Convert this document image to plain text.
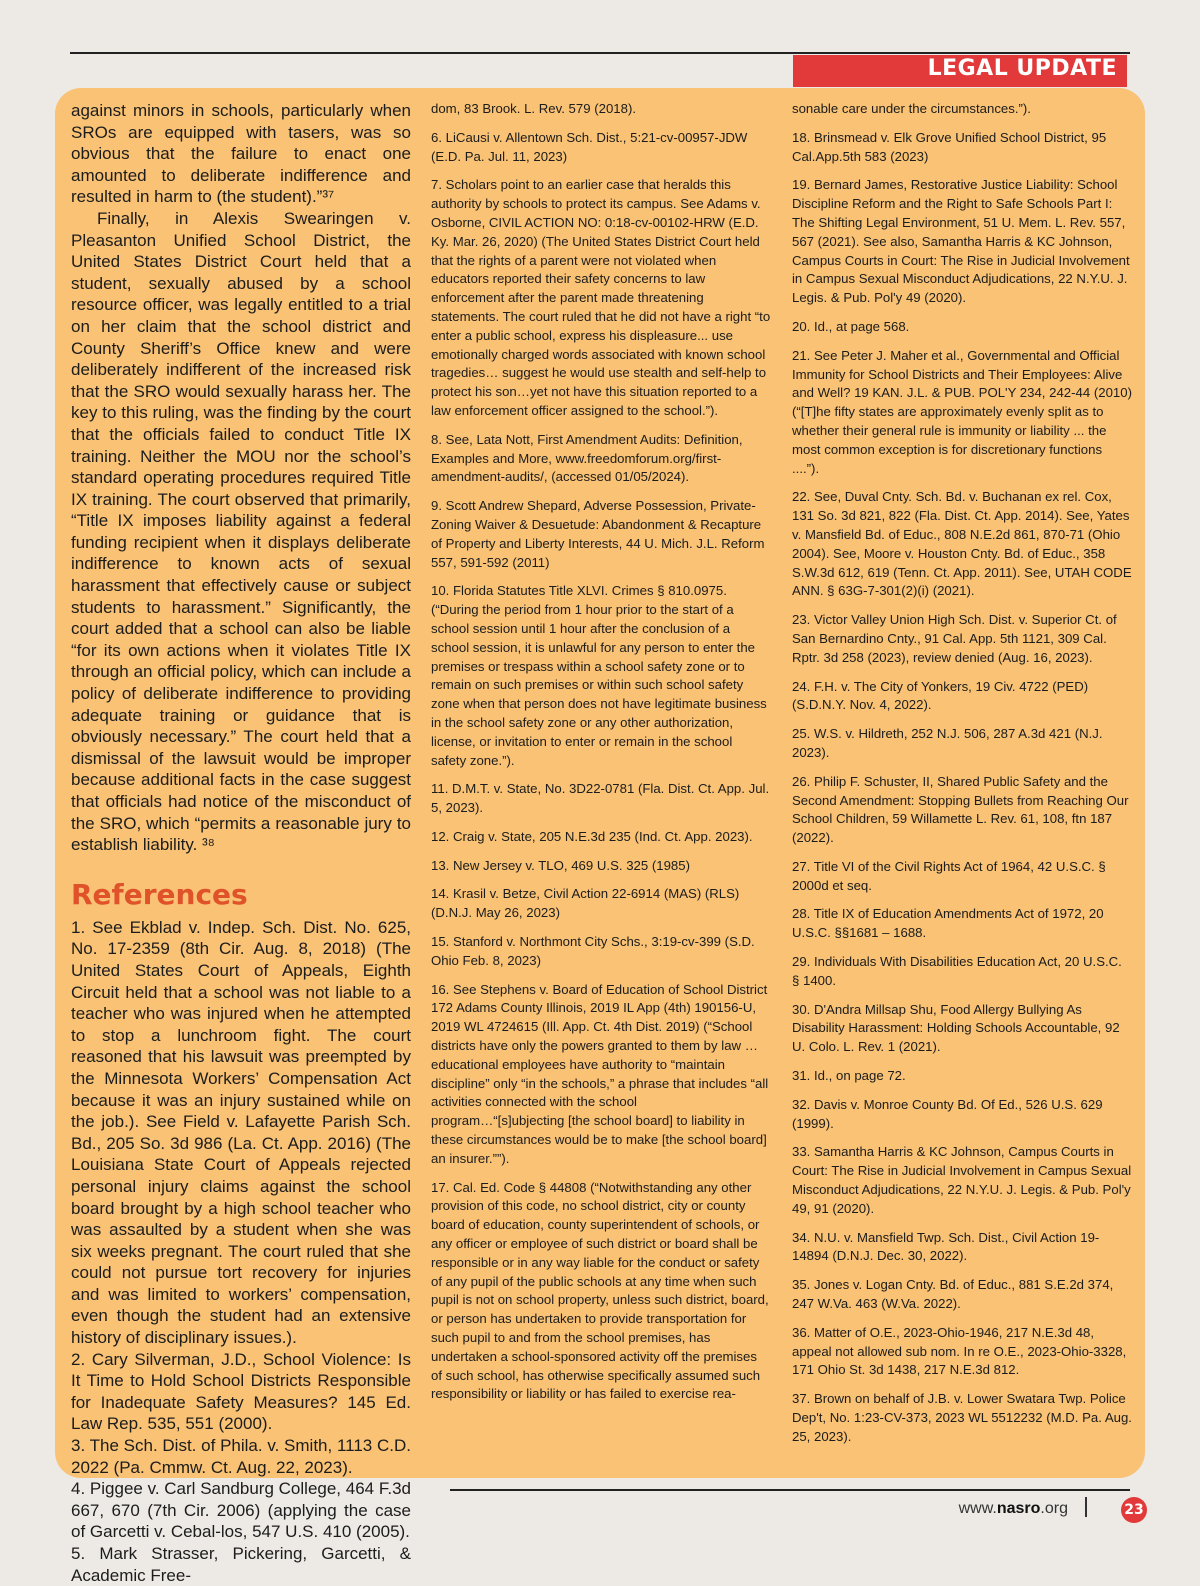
LEGAL UPDATE

against minors in schools, particularly when SROs are equipped with tasers, was so obvious that the failure to enact one amounted to deliberate indifference and resulted in harm to (the student).”³⁷

Finally, in Alexis Swearingen v. Pleasanton Unified School District, the United States District Court held that a student, sexually abused by a school resource officer, was legally entitled to a trial on her claim that the school district and County Sheriff’s Office knew and were deliberately indifferent of the increased risk that the SRO would sexually harass her. The key to this ruling, was the finding by the court that the officials failed to conduct Title IX training. Neither the MOU nor the school’s standard operating procedures required Title IX training. The court observed that primarily, “Title IX imposes liability against a federal funding recipient when it displays deliberate indifference to known acts of sexual harassment that effectively cause or subject students to harassment.” Significantly, the court added that a school can also be liable “for its own actions when it violates Title IX through an official policy, which can include a policy of deliberate indifference to providing adequate training or guidance that is obviously necessary.” The court held that a dismissal of the lawsuit would be improper because additional facts in the case suggest that officials had notice of the misconduct of the SRO, which “permits a reasonable jury to establish liability. ³⁸

References

1. See Ekblad v. Indep. Sch. Dist. No. 625, No. 17-2359 (8th Cir. Aug. 8, 2018) (The United States Court of Appeals, Eighth Circuit held that a school was not liable to a teacher who was injured when he attempted to stop a lunchroom fight. The court reasoned that his lawsuit was preempted by the Minnesota Workers’ Compensation Act because it was an injury sustained while on the job.). See Field v. Lafayette Parish Sch. Bd., 205 So. 3d 986 (La. Ct. App. 2016) (The Louisiana State Court of Appeals rejected personal injury claims against the school board brought by a high school teacher who was assaulted by a student when she was six weeks pregnant. The court ruled that she could not pursue tort recovery for injuries and was limited to workers’ compensation, even though the student had an extensive history of disciplinary issues.).

2. Cary Silverman, J.D., School Violence: Is It Time to Hold School Districts Responsible for Inadequate Safety Measures? 145 Ed. Law Rep. 535, 551 (2000).

3. The Sch. Dist. of Phila. v. Smith, 1113 C.D. 2022 (Pa. Cmmw. Ct. Aug. 22, 2023).

4. Piggee v. Carl Sandburg College, 464 F.3d 667, 670 (7th Cir. 2006) (applying the case of Garcetti v. Cebal-los, 547 U.S. 410 (2005).

5. Mark Strasser, Pickering, Garcetti, & Academic Free-

dom, 83 Brook. L. Rev. 579 (2018).

6. LiCausi v. Allentown Sch. Dist., 5:21-cv-00957-JDW (E.D. Pa. Jul. 11, 2023)

7. Scholars point to an earlier case that heralds this authority by schools to protect its campus. See Adams v. Osborne, CIVIL ACTION NO: 0:18-cv-00102-HRW (E.D. Ky. Mar. 26, 2020) (The United States District Court held that the rights of a parent were not violated when educators reported their safety concerns to law enforcement after the parent made threatening statements. The court ruled that he did not have a right “to enter a public school, express his displeasure... use emotionally charged words associated with known school tragedies… suggest he would use stealth and self-help to protect his son…yet not have this situation reported to a law enforcement officer assigned to the school.”).

8. See, Lata Nott, First Amendment Audits: Definition, Examples and More, www.freedomforum.org/first-amendment-audits/, (accessed 01/05/2024).

9. Scott Andrew Shepard, Adverse Possession, Private-Zoning Waiver & Desuetude: Abandonment & Recapture of Property and Liberty Interests, 44 U. Mich. J.L. Reform 557, 591-592 (2011)

10. Florida Statutes Title XLVI. Crimes § 810.0975. (“During the period from 1 hour prior to the start of a school session until 1 hour after the conclusion of a school session, it is unlawful for any person to enter the premises or trespass within a school safety zone or to remain on such premises or within such school safety zone when that person does not have legitimate business in the school safety zone or any other authorization, license, or invitation to enter or remain in the school safety zone.”).

11. D.M.T. v. State, No. 3D22-0781 (Fla. Dist. Ct. App. Jul. 5, 2023).

12. Craig v. State, 205 N.E.3d 235 (Ind. Ct. App. 2023).

13. New Jersey v. TLO, 469 U.S. 325 (1985)

14. Krasil v. Betze, Civil Action 22-6914 (MAS) (RLS) (D.N.J. May 26, 2023)

15. Stanford v. Northmont City Schs., 3:19-cv-399 (S.D. Ohio Feb. 8, 2023)

16. See Stephens v. Board of Education of School District 172 Adams County Illinois, 2019 IL App (4th) 190156-U, 2019 WL 4724615 (Ill. App. Ct. 4th Dist. 2019) (“School districts have only the powers granted to them by law … educational employees have authority to “maintain discipline” only “in the schools,” a phrase that includes “all activities connected with the school program…“[s]ubjecting [the school board] to liability in these circumstances would be to make [the school board] an insurer.””).

17. Cal. Ed. Code § 44808 (“Notwithstanding any other provision of this code, no school district, city or county board of education, county superintendent of schools, or any officer or employee of such district or board shall be responsible or in any way liable for the conduct or safety of any pupil of the public schools at any time when such pupil is not on school property, unless such district, board, or person has undertaken to provide transportation for such pupil to and from the school premises, has undertaken a school-sponsored activity off the premises of such school, has otherwise specifically assumed such responsibility or liability or has failed to exercise rea-

sonable care under the circumstances.”).

18. Brinsmead v. Elk Grove Unified School District, 95 Cal.App.5th 583 (2023)

19. Bernard James, Restorative Justice Liability: School Discipline Reform and the Right to Safe Schools Part I: The Shifting Legal Environment, 51 U. Mem. L. Rev. 557, 567 (2021). See also, Samantha Harris & KC Johnson, Campus Courts in Court: The Rise in Judicial Involvement in Campus Sexual Misconduct Adjudications, 22 N.Y.U. J. Legis. & Pub. Pol'y 49 (2020).

20. Id., at page 568.

21. See Peter J. Maher et al., Governmental and Official Immunity for School Districts and Their Employees: Alive and Well? 19 KAN. J.L. & PUB. POL'Y 234, 242-44 (2010) (“[T]he fifty states are approximately evenly split as to whether their general rule is immunity or liability ... the most common exception is for discretionary functions ....”).

22. See, Duval Cnty. Sch. Bd. v. Buchanan ex rel. Cox, 131 So. 3d 821, 822 (Fla. Dist. Ct. App. 2014). See, Yates v. Mansfield Bd. of Educ., 808 N.E.2d 861, 870-71 (Ohio 2004). See, Moore v. Houston Cnty. Bd. of Educ., 358 S.W.3d 612, 619 (Tenn. Ct. App. 2011). See, UTAH CODE ANN. § 63G-7-301(2)(i) (2021).

23. Victor Valley Union High Sch. Dist. v. Superior Ct. of San Bernardino Cnty., 91 Cal. App. 5th 1121, 309 Cal. Rptr. 3d 258 (2023), review denied (Aug. 16, 2023).

24. F.H. v. The City of Yonkers, 19 Civ. 4722 (PED) (S.D.N.Y. Nov. 4, 2022).

25. W.S. v. Hildreth, 252 N.J. 506, 287 A.3d 421 (N.J. 2023).

26. Philip F. Schuster, II, Shared Public Safety and the Second Amendment: Stopping Bullets from Reaching Our School Children, 59 Willamette L. Rev. 61, 108, ftn 187 (2022).

27. Title VI of the Civil Rights Act of 1964, 42 U.S.C. § 2000d et seq.

28. Title IX of Education Amendments Act of 1972, 20 U.S.C. §§1681 – 1688.

29. Individuals With Disabilities Education Act, 20 U.S.C. § 1400.

30. D'Andra Millsap Shu, Food Allergy Bullying As Disability Harassment: Holding Schools Accountable, 92 U. Colo. L. Rev. 1 (2021).

31. Id., on page 72.

32. Davis v. Monroe County Bd. Of Ed., 526 U.S. 629 (1999).

33. Samantha Harris & KC Johnson, Campus Courts in Court: The Rise in Judicial Involvement in Campus Sexual Misconduct Adjudications, 22 N.Y.U. J. Legis. & Pub. Pol'y 49, 91 (2020).

34. N.U. v. Mansfield Twp. Sch. Dist., Civil Action 19-14894 (D.N.J. Dec. 30, 2022).

35. Jones v. Logan Cnty. Bd. of Educ., 881 S.E.2d 374, 247 W.Va. 463 (W.Va. 2022).

36. Matter of O.E., 2023-Ohio-1946, 217 N.E.3d 48, appeal not allowed sub nom. In re O.E., 2023-Ohio-3328, 171 Ohio St. 3d 1438, 217 N.E.3d 812.

37. Brown on behalf of J.B. v. Lower Swatara Twp. Police Dep't, No. 1:23-CV-373, 2023 WL 5512232 (M.D. Pa. Aug. 25, 2023).

www.nasro.org	23
